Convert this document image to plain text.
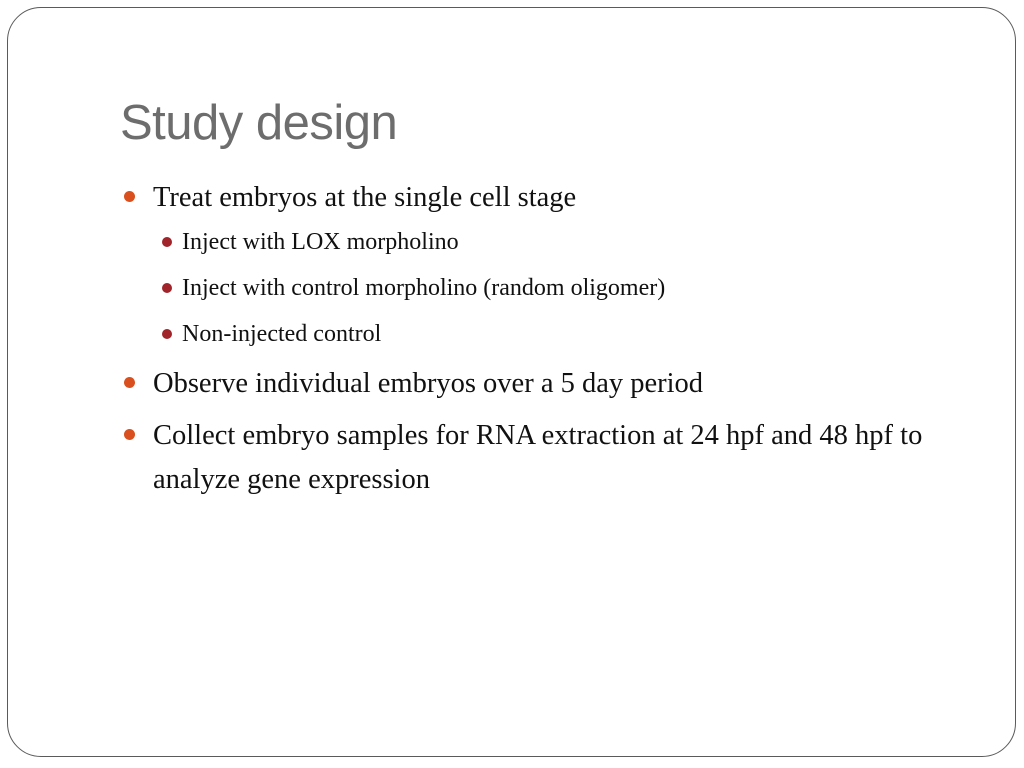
Study design
Treat embryos at the single cell stage
Inject with LOX morpholino
Inject with control morpholino (random oligomer)
Non-injected control
Observe individual embryos over a 5 day period
Collect embryo samples for RNA extraction at 24 hpf and 48 hpf to analyze gene expression
